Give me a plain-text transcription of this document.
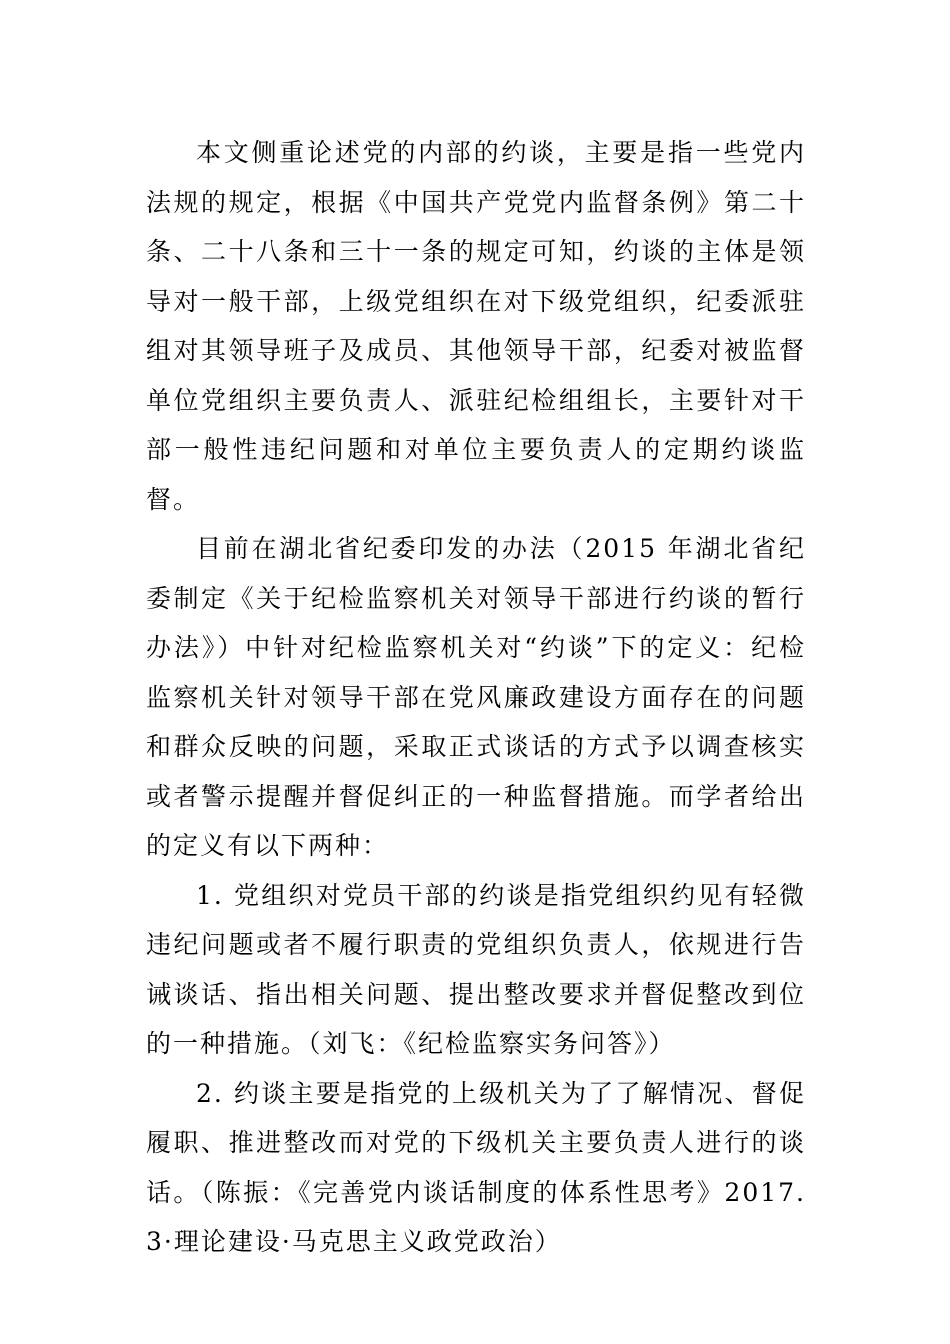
本文侧重论述党的内部的约谈，主要是指一些党内法规的规定，根据《中国共产党党内监督条例》第二十条、二十八条和三十一条的规定可知，约谈的主体是领导对一般干部，上级党组织在对下级党组织，纪委派驻组对其领导班子及成员、其他领导干部，纪委对被监督单位党组织主要负责人、派驻纪检组组长，主要针对干部一般性违纪问题和对单位主要负责人的定期约谈监督。

目前在湖北省纪委印发的办法（2015 年湖北省纪委制定《关于纪检监察机关对领导干部进行约谈的暂行办法》）中针对纪检监察机关对“约谈”下的定义：纪检监察机关针对领导干部在党风廉政建设方面存在的问题和群众反映的问题，采取正式谈话的方式予以调查核实或者警示提醒并督促纠正的一种监督措施。而学者给出的定义有以下两种：

1. 党组织对党员干部的约谈是指党组织约见有轻微违纪问题或者不履行职责的党组织负责人，依规进行告诫谈话、指出相关问题、提出整改要求并督促整改到位的一种措施。（刘飞：《纪检监察实务问答》）

2. 约谈主要是指党的上级机关为了了解情况、督促履职、推进整改而对党的下级机关主要负责人进行的谈话。（陈振：《完善党内谈话制度的体系性思考》2017.3·理论建设·马克思主义政党政治）
